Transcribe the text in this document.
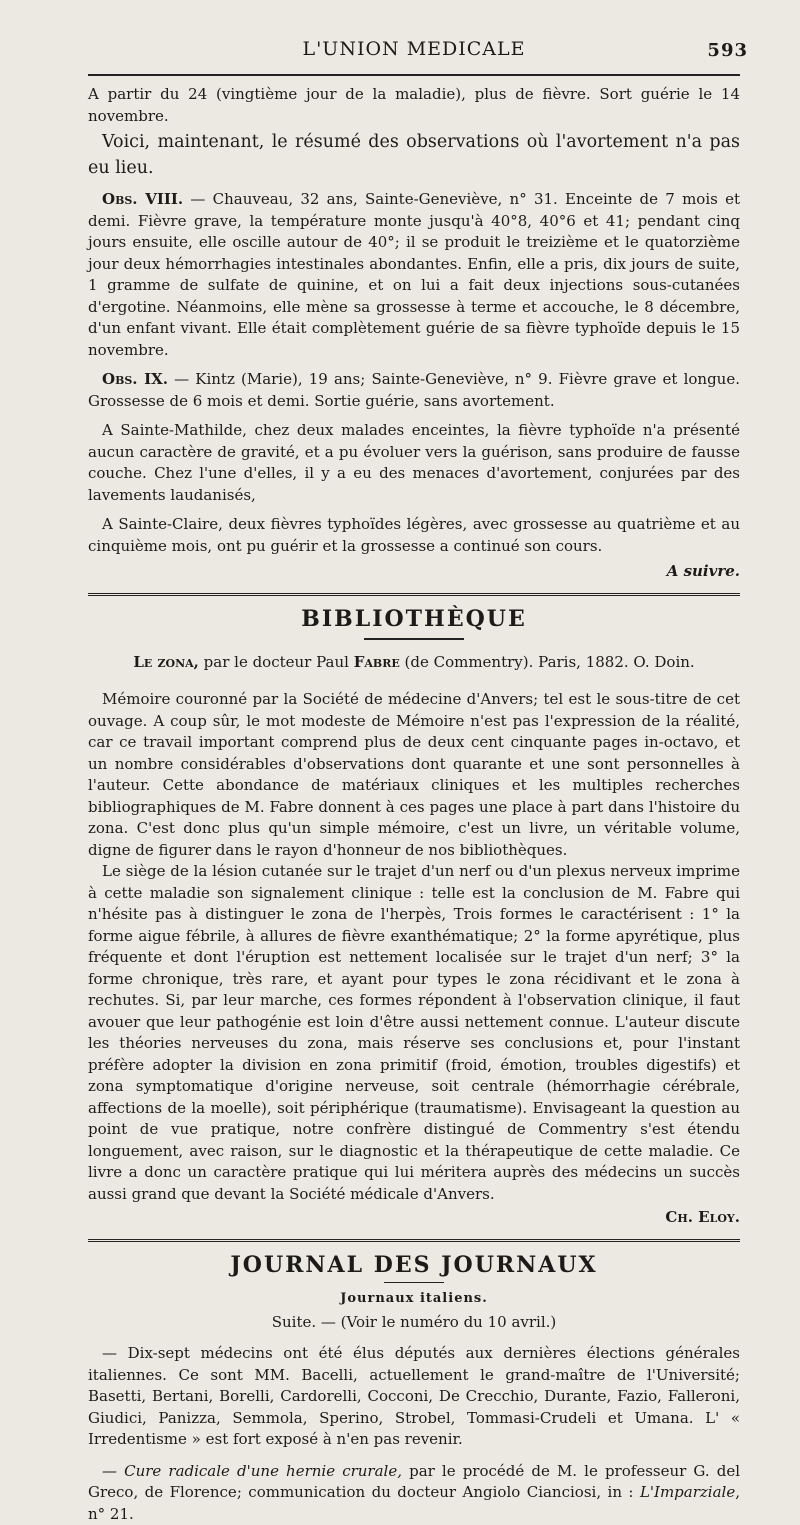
L'UNION MEDICALE	593

A partir du 24 (vingtième jour de la maladie), plus de fièvre. Sort guérie le 14 novembre.

Voici, maintenant, le résumé des observations où l'avortement n'a pas eu lieu.

Obs. VIII. — Chauveau, 32 ans, Sainte-Geneviève, n° 31. Enceinte de 7 mois et demi. Fièvre grave, la température monte jusqu'à 40°8, 40°6 et 41; pendant cinq jours ensuite, elle oscille autour de 40°; il se produit le treizième et le quatorzième jour deux hémorrhagies intestinales abondantes. Enfin, elle a pris, dix jours de suite, 1 gramme de sulfate de quinine, et on lui a fait deux injections sous-cutanées d'ergotine. Néanmoins, elle mène sa grossesse à terme et accouche, le 8 décembre, d'un enfant vivant. Elle était complètement guérie de sa fièvre typhoïde depuis le 15 novembre.

Obs. IX. — Kintz (Marie), 19 ans; Sainte-Geneviève, n° 9. Fièvre grave et longue. Grossesse de 6 mois et demi. Sortie guérie, sans avortement.

A Sainte-Mathilde, chez deux malades enceintes, la fièvre typhoïde n'a présenté aucun caractère de gravité, et a pu évoluer vers la guérison, sans produire de fausse couche. Chez l'une d'elles, il y a eu des menaces d'avortement, conjurées par des lavements laudanisés,

A Sainte-Claire, deux fièvres typhoïdes légères, avec grossesse au quatrième et au cinquième mois, ont pu guérir et la grossesse a continué son cours.

A suivre.

BIBLIOTHÈQUE

Le zona, par le docteur Paul Fabre (de Commentry). Paris, 1882. O. Doin.

Mémoire couronné par la Société de médecine d'Anvers; tel est le sous-titre de cet ouvage. A coup sûr, le mot modeste de Mémoire n'est pas l'expression de la réalité, car ce travail important comprend plus de deux cent cinquante pages in-octavo, et un nombre considérables d'observations dont quarante et une sont personnelles à l'auteur. Cette abondance de matériaux cliniques et les multiples recherches bibliographiques de M. Fabre donnent à ces pages une place à part dans l'histoire du zona. C'est donc plus qu'un simple mémoire, c'est un livre, un véritable volume, digne de figurer dans le rayon d'honneur de nos bibliothèques.

Le siège de la lésion cutanée sur le trajet d'un nerf ou d'un plexus nerveux imprime à cette maladie son signalement clinique : telle est la conclusion de M. Fabre qui n'hésite pas à distinguer le zona de l'herpès, Trois formes le caractérisent : 1° la forme aigue fébrile, à allures de fièvre exanthématique; 2° la forme apyrétique, plus fréquente et dont l'éruption est nettement localisée sur le trajet d'un nerf; 3° la forme chronique, très rare, et ayant pour types le zona récidivant et le zona à rechutes. Si, par leur marche, ces formes répondent à l'observation clinique, il faut avouer que leur pathogénie est loin d'être aussi nettement connue. L'auteur discute les théories nerveuses du zona, mais réserve ses conclusions et, pour l'instant préfère adopter la division en zona primitif (froid, émotion, troubles digestifs) et zona symptomatique d'origine nerveuse, soit centrale (hémorrhagie cérébrale, affections de la moelle), soit périphérique (traumatisme). Envisageant la question au point de vue pratique, notre confrère distingué de Commentry s'est étendu longuement, avec raison, sur le diagnostic et la thérapeutique de cette maladie. Ce livre a donc un caractère pratique qui lui méritera auprès des médecins un succès aussi grand que devant la Société médicale d'Anvers.

Ch. Eloy.

JOURNAL DES JOURNAUX
Journaux italiens.

Suite. — (Voir le numéro du 10 avril.)

— Dix-sept médecins ont été élus députés aux dernières élections générales italiennes. Ce sont MM. Bacelli, actuellement le grand-maître de l'Université; Basetti, Bertani, Borelli, Cardorelli, Cocconi, De Crecchio, Durante, Fazio, Falleroni, Giudici, Panizza, Semmola, Sperino, Strobel, Tommasi-Crudeli et Umana. L' « Irredentisme » est fort exposé à n'en pas revenir.

— Cure radicale d'une hernie crurale, par le procédé de M. le professeur G. del Greco, de Florence; communication du docteur Angiolo Cianciosi, in : L'Imparziale, n° 21.
